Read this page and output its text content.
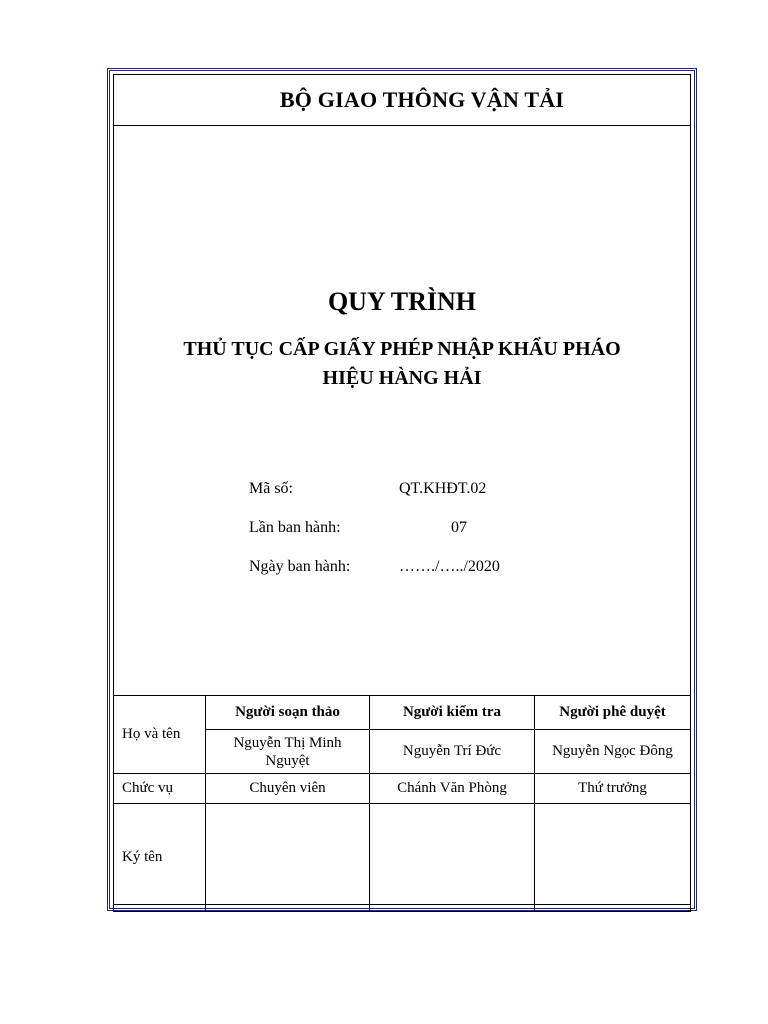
BỘ GIAO THÔNG VẬN TẢI
QUY TRÌNH
THỦ TỤC CẤP GIẤY PHÉP NHẬP KHẨU PHÁO
HIỆU HÀNG HẢI
Mã số:	QT.KHĐT.02
Lần ban hành:	07
Ngày ban hành:	……./…../2020
Họ và tên	Người soạn thảo	Người kiểm tra	Người phê duyệt
	Nguyễn Thị Minh Nguyệt	Nguyễn Trí Đức	Nguyễn Ngọc Đông
Chức vụ	Chuyên viên	Chánh Văn Phòng	Thứ trưởng
Ký tên			
